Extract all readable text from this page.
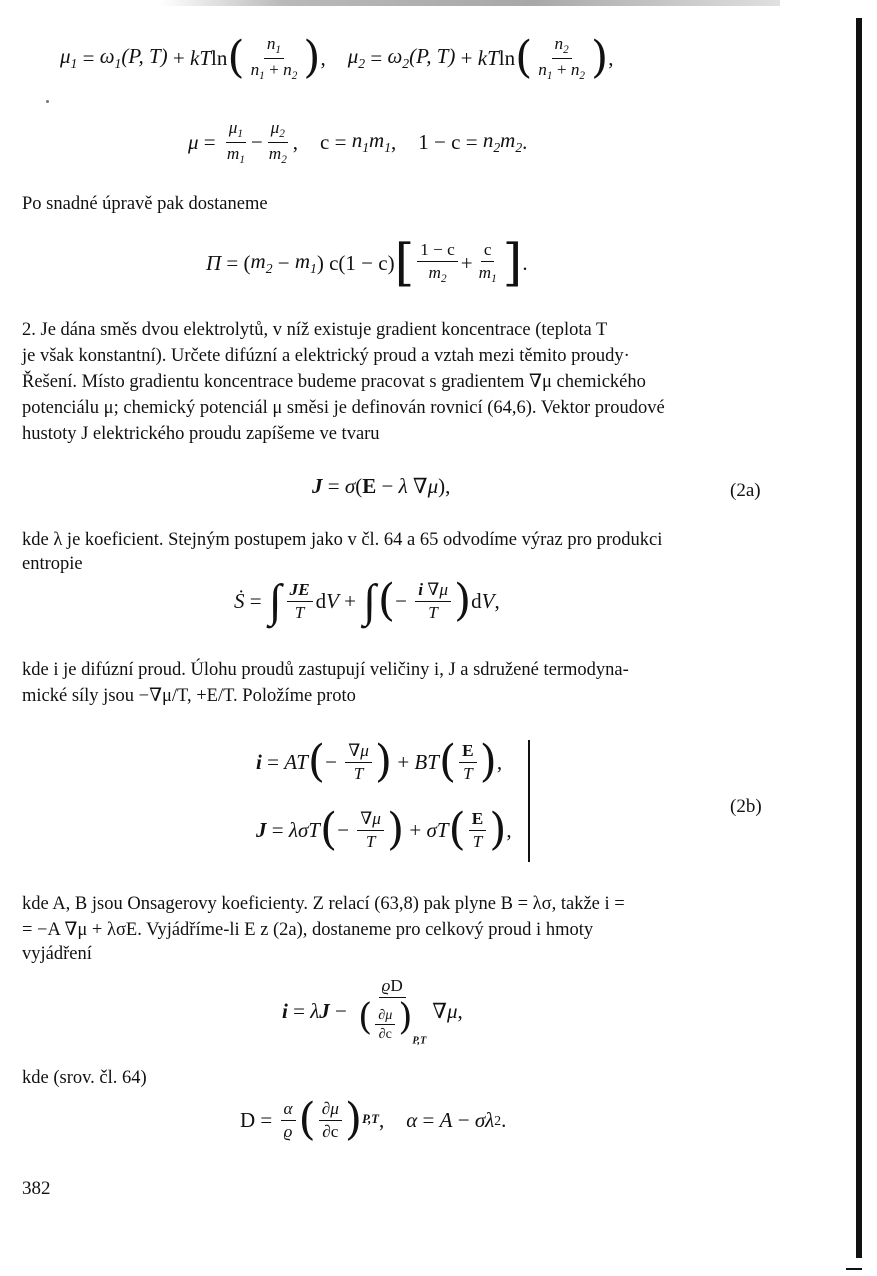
$\mu_1 = \omega_1(P$, T) + kT ln ( $\frac{n_1}{n_1 + n_2}$ ) , $\mu_2 = \omega_2(P$, T) + kT ln ( $\frac{n_2}{n_1 + n_2}$ ) ,
$\mu = \frac{\mu_1}{m_1} - \frac{\mu_2}{m_2}$ , $c = n_1m_1$ , $1 - c = n_2m_2$ .
Po snadné úpravě pak dostaneme
Π = ( $m_2 - m_1$ ) c(1 − c) [ $\frac{1 - c}{m_2} + \frac{c}{m_1}$ ] .
2. Je dána směs dvou elektrolytů, v níž existuje gradient koncentrace (teplota T
je však konstantní). Určete difúzní a elektrický proud a vztah mezi těmito proudy·
Řešení. Místo gradientu koncentrace budeme pracovat s gradientem ∇μ chemického
potenciálu μ; chemický potenciál μ směsi je definován rovnicí (64,6). Vektor proudové
hustoty J elektrického proudu zapíšeme ve tvaru
J = σ ( E − λ ∇ μ ),	(2a)
kde λ je koeficient. Stejným postupem jako v čl. 64 a 65 odvodíme výraz pro produkci
entropie
Ṡ = ∫ $\frac{JE}{T}$ d V + ∫ ( − $\frac{i \nabla\mu}{T}$ ) d V ,
kde i je difúzní proud. Úlohu proudů zastupují veličiny i, J a sdružené termodyna-
mické síly jsou −∇μ/T, +E/T. Položíme proto
i = AT ( − $\frac{\nabla\mu}{T}$ ) + BT ( $\frac{E}{T}$ ) ,
J = λσT ( − $\frac{\nabla\mu}{T}$ ) + σT ( $\frac{E}{T}$ ) ,
(2b)
kde A, B jsou Onsagerovy koeficienty. Z relací (63,8) pak plyne B = λσ, takže i =
= −A ∇μ + λσE. Vyjádříme-li E z (2a), dostaneme pro celkový proud i hmoty
vyjádření
i = λ $J - \frac{ϱD}{( \frac{\partial\mu}{\partial c} )_{P,T}}$ ∇ μ ,
kde (srov. čl. 64)
$D = \frac{\alpha}{ϱ}$ ( $\frac{\partial\mu}{\partial c}$ ) P,T , α = A − σλ 2 .
382
